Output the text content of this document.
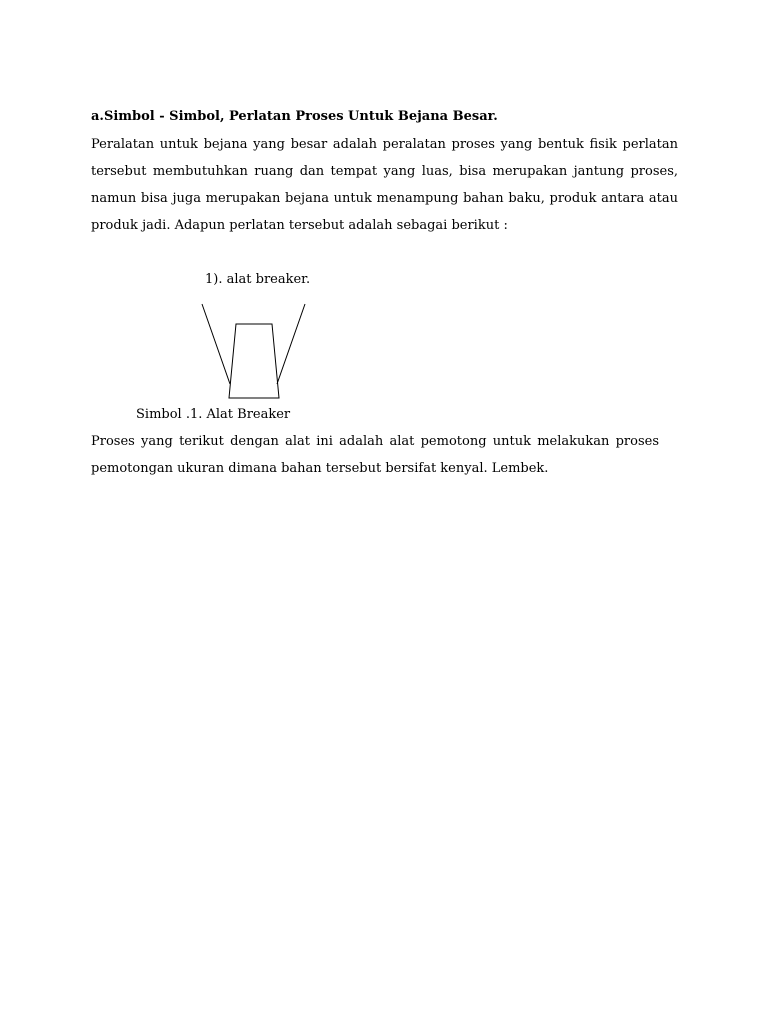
a.Simbol - Simbol, Perlatan Proses Untuk Bejana Besar.
Peralatan untuk bejana yang besar adalah peralatan proses yang bentuk fisik perlatan tersebut membutuhkan ruang dan tempat yang luas, bisa merupakan jantung proses, namun bisa juga merupakan bejana untuk menampung bahan baku, produk antara atau produk jadi. Adapun perlatan tersebut adalah sebagai berikut :
1). alat breaker.
Simbol .1. Alat Breaker
Proses yang terikut dengan alat ini adalah alat pemotong untuk melakukan proses pemotongan ukuran dimana bahan tersebut bersifat kenyal. Lembek.
